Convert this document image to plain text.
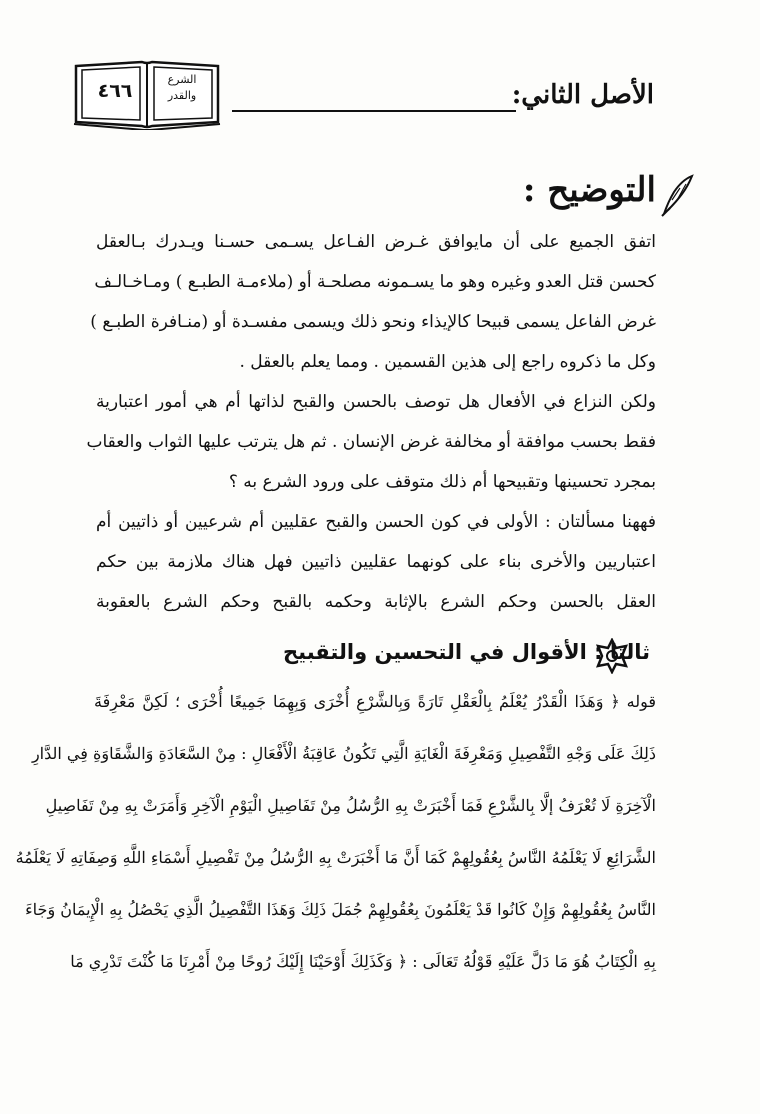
٤٦٦
الشرع
والقدر	الأصل الثاني:
التوضيح :
اتفق الجميع على أن مايوافق غـرض الفـاعل يسـمى حسـنا ويـدرك بـالعقل
كحسن قتل العدو وغيره وهو ما يسـمونه مصلحـة أو (ملاءمـة الطبـع ) ومـاخـالـف
غرض الفاعل يسمى قبيحا كالإيذاء ونحو ذلك ويسمى مفسـدة أو (منـافرة الطبـع )
وكل ما ذكروه راجع إلى هذين القسمين . ومما يعلم بالعقل .
ولكن النزاع في الأفعال هل توصف بالحسن والقبح لذاتها أم هي أمور اعتبارية
فقط بحسب موافقة أو مخالفة غرض الإنسان . ثم هل يترتب عليها الثواب والعقاب
بمجرد تحسينها وتقبيحها أم ذلك متوقف على ورود الشرع به ؟
فههنا مسألتان : الأولى في كون الحسن والقبح عقليين أم شرعيين أو ذاتيين أم
اعتباريين والأخرى بناء على كونهما عقليين ذاتيين فهل هناك ملازمة بين حكم
العقل بالحسن وحكم الشرع بالإثابة وحكمه بالقبح وحكم الشرع بالعقوبة
ثالثا : الأقوال في التحسين والتقبيح
قوله ﴿ وَهَذَا الْقَدْرُ يُعْلَمُ بِالْعَقْلِ تَارَةً وَبِالشَّرْعِ أُخْرَى وَبِهِمَا جَمِيعًا أُخْرَى ؛ لَكِنَّ مَعْرِفَةَ
ذَلِكَ عَلَى وَجْهِ التَّفْصِيلِ وَمَعْرِفَةَ الْغَايَةِ الَّتِي تَكُونُ عَاقِبَةُ الْأَفْعَالِ : مِنْ السَّعَادَةِ وَالشَّقَاوَةِ فِي الدَّارِ
الْآخِرَةِ لَا تُعْرَفُ إلَّا بِالشَّرْعِ فَمَا أَخْبَرَتْ بِهِ الرُّسُلُ مِنْ تَفَاصِيلِ الْيَوْمِ الْآخِرِ وَأَمَرَتْ بِهِ مِنْ تَفَاصِيلِ
الشَّرَائِعِ لَا يَعْلَمُهُ النَّاسُ بِعُقُولِهِمْ كَمَا أَنَّ مَا أَخْبَرَتْ بِهِ الرُّسُلُ مِنْ تَفْصِيلِ أَسْمَاءِ اللَّهِ وَصِفَاتِهِ لَا يَعْلَمُهُ
النَّاسُ بِعُقُولِهِمْ وَإِنْ كَانُوا قَدْ يَعْلَمُونَ بِعُقُولِهِمْ جُمَلَ ذَلِكَ وَهَذَا التَّفْصِيلُ الَّذِي يَحْصُلُ بِهِ الْإِيمَانُ وَجَاءَ
بِهِ الْكِتَابُ هُوَ مَا دَلَّ عَلَيْهِ قَوْلُهُ تَعَالَى : ﴿ وَكَذَلِكَ أَوْحَيْنَا إِلَيْكَ رُوحًا مِنْ أَمْرِنَا مَا كُنْتَ تَدْرِي مَا
